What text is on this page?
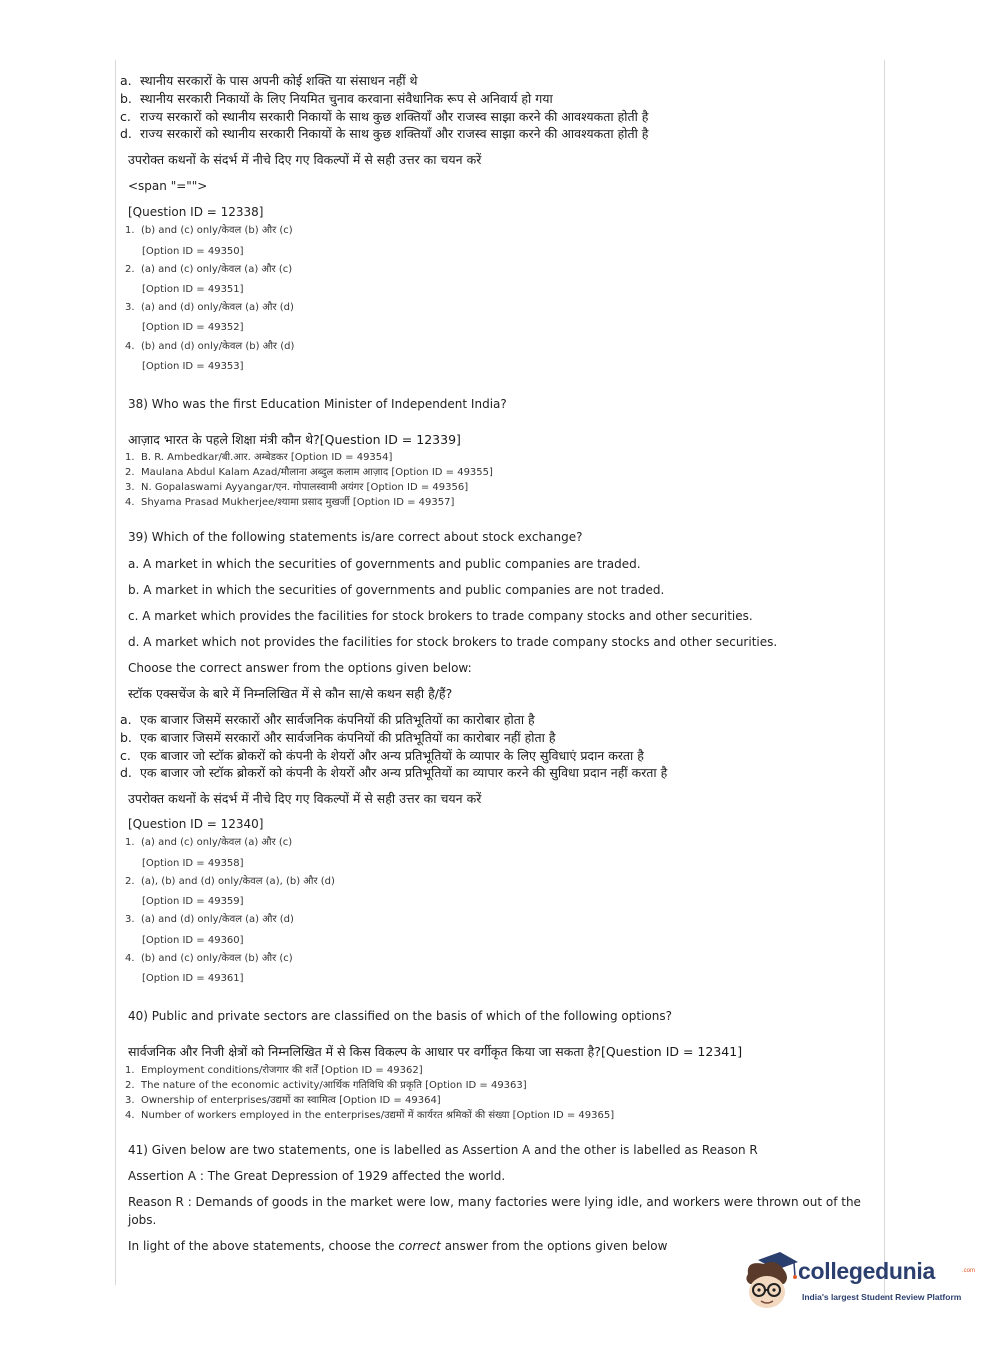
a. स्थानीय सरकारों के पास अपनी कोई शक्ति या संसाधन नहीं थे
b. स्थानीय सरकारी निकायों के लिए नियमित चुनाव करवाना संवैधानिक रूप से अनिवार्य हो गया
c. राज्य सरकारों को स्थानीय सरकारी निकायों के साथ कुछ शक्तियाँ और राजस्व साझा करने की आवश्यकता होती है
d. राज्य सरकारों को स्थानीय सरकारी निकायों के साथ कुछ शक्तियाँ और राजस्व साझा करने की आवश्यकता होती है
उपरोक्त कथनों के संदर्भ में नीचे दिए गए विकल्पों में से सही उत्तर का चयन करें
<span "="">
[Question ID = 12338]
1. (b) and (c) only/केवल (b) और (c)
[Option ID = 49350]
2. (a) and (c) only/केवल (a) और (c)
[Option ID = 49351]
3. (a) and (d) only/केवल (a) और (d)
[Option ID = 49352]
4. (b) and (d) only/केवल (b) और (d)
[Option ID = 49353]
38) Who was the first Education Minister of Independent India?
आज़ाद भारत के पहले शिक्षा मंत्री कौन थे?[Question ID = 12339]
1. B. R. Ambedkar/बी.आर. अम्बेडकर [Option ID = 49354]
2. Maulana Abdul Kalam Azad/मौलाना अब्दुल कलाम आज़ाद [Option ID = 49355]
3. N. Gopalaswami Ayyangar/एन. गोपालस्वामी अयंगर [Option ID = 49356]
4. Shyama Prasad Mukherjee/श्यामा प्रसाद मुखर्जी [Option ID = 49357]
39) Which of the following statements is/are correct about stock exchange?
a. A market in which the securities of governments and public companies are traded.
b. A market in which the securities of governments and public companies are not traded.
c. A market which provides the facilities for stock brokers to trade company stocks and other securities.
d. A market which not provides the facilities for stock brokers to trade company stocks and other securities.
Choose the correct answer from the options given below:
स्टॉक एक्सचेंज के बारे में निम्नलिखित में से कौन सा/से कथन सही है/हैं?
a. एक बाजार जिसमें सरकारों और सार्वजनिक कंपनियों की प्रतिभूतियों का कारोबार होता है
b. एक बाजार जिसमें सरकारों और सार्वजनिक कंपनियों की प्रतिभूतियों का कारोबार नहीं होता है
c. एक बाजार जो स्टॉक ब्रोकरों को कंपनी के शेयरों और अन्य प्रतिभूतियों के व्यापार के लिए सुविधाएं प्रदान करता है
d. एक बाजार जो स्टॉक ब्रोकरों को कंपनी के शेयरों और अन्य प्रतिभूतियों का व्यापार करने की सुविधा प्रदान नहीं करता है
उपरोक्त कथनों के संदर्भ में नीचे दिए गए विकल्पों में से सही उत्तर का चयन करें
[Question ID = 12340]
1. (a) and (c) only/केवल (a) और (c)
[Option ID = 49358]
2. (a), (b) and (d) only/केवल (a), (b) और (d)
[Option ID = 49359]
3. (a) and (d) only/केवल (a) और (d)
[Option ID = 49360]
4. (b) and (c) only/केवल (b) और (c)
[Option ID = 49361]
40) Public and private sectors are classified on the basis of which of the following options?
सार्वजनिक और निजी क्षेत्रों को निम्नलिखित में से किस विकल्प के आधार पर वर्गीकृत किया जा सकता है?[Question ID = 12341]
1. Employment conditions/रोजगार की शर्तें [Option ID = 49362]
2. The nature of the economic activity/आर्थिक गतिविधि की प्रकृति [Option ID = 49363]
3. Ownership of enterprises/उद्यमों का स्वामित्व [Option ID = 49364]
4. Number of workers employed in the enterprises/उद्यमों में कार्यरत श्रमिकों की संख्या [Option ID = 49365]
41) Given below are two statements, one is labelled as Assertion A and the other is labelled as Reason R
Assertion A : The Great Depression of 1929 affected the world.
Reason R : Demands of goods in the market were low, many factories were lying idle, and workers were thrown out of the
jobs.
In light of the above statements, choose the correct answer from the options given below
collegedunia	.com
India's largest Student Review Platform
